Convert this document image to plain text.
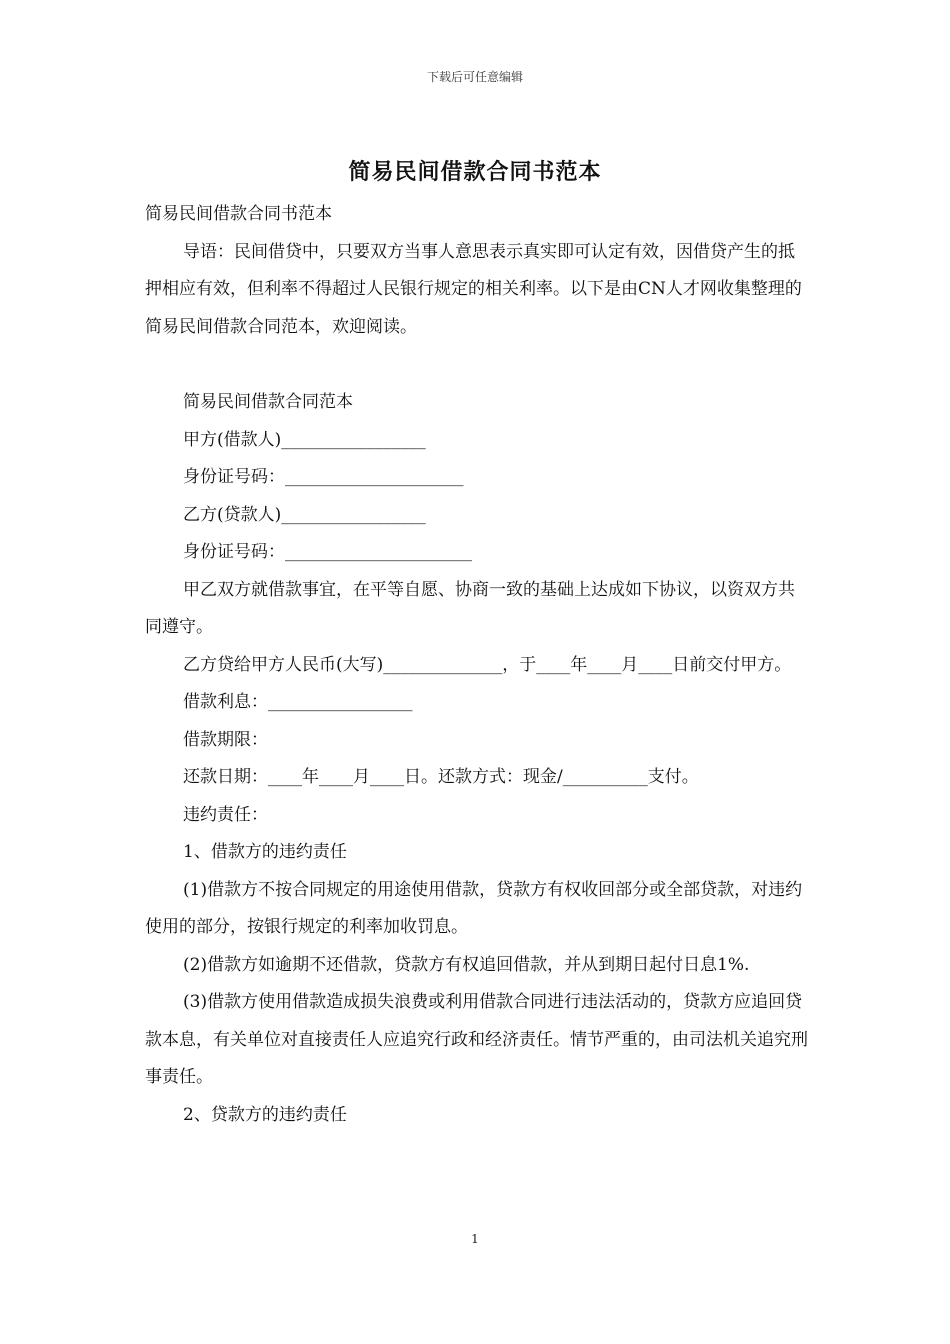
下载后可任意编辑
简易民间借款合同书范本

简易民间借款合同书范本

导语：民间借贷中，只要双方当事人意思表示真实即可认定有效，因借贷产生的抵押相应有效，但利率不得超过人民银行规定的相关利率。以下是由CN人才网收集整理的简易民间借款合同范本，欢迎阅读。

简易民间借款合同范本

甲方(借款人)_________________

身份证号码：_____________________

乙方(贷款人)_________________

身份证号码：______________________

甲乙双方就借款事宜，在平等自愿、协商一致的基础上达成如下协议，以资双方共同遵守。

乙方贷给甲方人民币(大写)______________，于____年____月____日前交付甲方。

借款利息：_________________

借款期限：

还款日期：____年____月____日。还款方式：现金/__________支付。

违约责任：

1、借款方的违约责任

(1)借款方不按合同规定的用途使用借款，贷款方有权收回部分或全部贷款，对违约使用的部分，按银行规定的利率加收罚息。

(2)借款方如逾期不还借款，贷款方有权追回借款，并从到期日起付日息1%.

(3)借款方使用借款造成损失浪费或利用借款合同进行违法活动的，贷款方应追回贷款本息，有关单位对直接责任人应追究行政和经济责任。情节严重的，由司法机关追究刑事责任。

2、贷款方的违约责任

1
